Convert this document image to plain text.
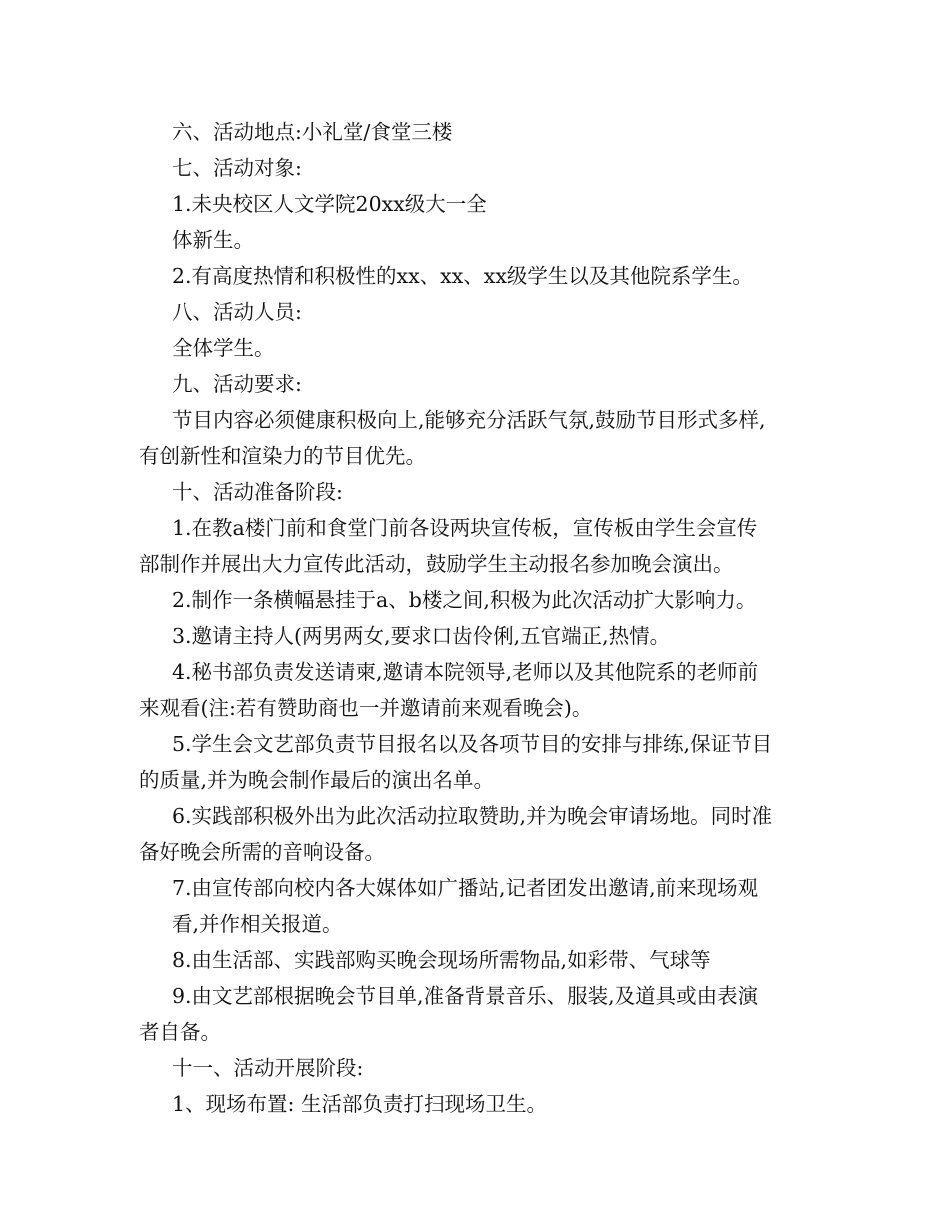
六、活动地点:小礼堂/食堂三楼
七、活动对象:
1.未央校区人文学院20xx级大一全
体新生。
2.有高度热情和积极性的xx、xx、xx级学生以及其他院系学生。
八、活动人员:
全体学生。
九、活动要求:
节目内容必须健康积极向上,能够充分活跃气氛,鼓励节目形式多样,
有创新性和渲染力的节目优先。
十、活动准备阶段:
1.在教a楼门前和食堂门前各设两块宣传板，宣传板由学生会宣传
部制作并展出大力宣传此活动，鼓励学生主动报名参加晚会演出。
2.制作一条横幅悬挂于a、b楼之间,积极为此次活动扩大影响力。
3.邀请主持人(两男两女,要求口齿伶俐,五官端正,热情。
4.秘书部负责发送请柬,邀请本院领导,老师以及其他院系的老师前
来观看(注:若有赞助商也一并邀请前来观看晚会)。
5.学生会文艺部负责节目报名以及各项节目的安排与排练,保证节目
的质量,并为晚会制作最后的演出名单。
6.实践部积极外出为此次活动拉取赞助,并为晚会审请场地。同时准
备好晚会所需的音响设备。
7.由宣传部向校内各大媒体如广播站,记者团发出邀请,前来现场观
看,并作相关报道。
8.由生活部、实践部购买晚会现场所需物品,如彩带、气球等
9.由文艺部根据晚会节目单,准备背景音乐、服装,及道具或由表演
者自备。
十一、活动开展阶段:
1、现场布置: 生活部负责打扫现场卫生。
